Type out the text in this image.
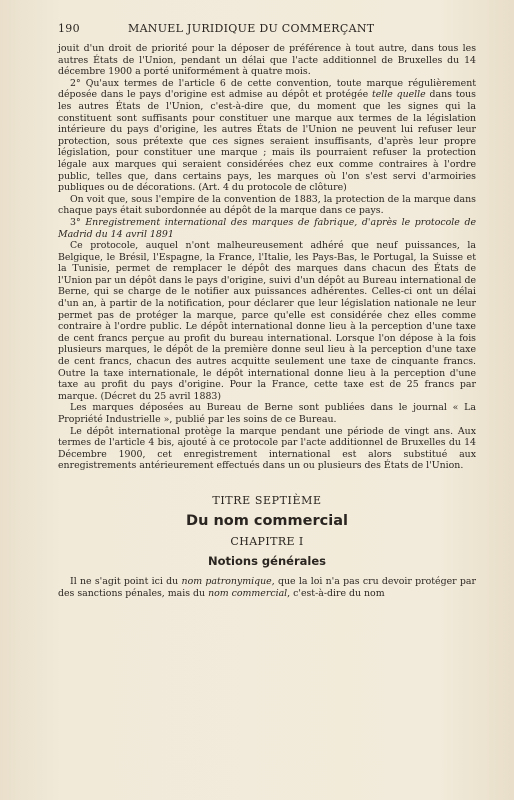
190	MANUEL JURIDIQUE DU COMMERÇANT

jouit d'un droit de priorité pour la déposer de préférence à tout autre, dans tous les autres États de l'Union, pendant un délai que l'acte additionnel de Bruxelles du 14 décembre 1900 a porté uniformément à quatre mois.

2° Qu'aux termes de l'article 6 de cette convention, toute marque régulièrement déposée dans le pays d'origine est admise au dépôt et protégée telle quelle dans tous les autres États de l'Union, c'est-à-dire que, du moment que les signes qui la constituent sont suffisants pour constituer une marque aux termes de la législation intérieure du pays d'origine, les autres États de l'Union ne peuvent lui refuser leur protection, sous prétexte que ces signes seraient insuffisants, d'après leur propre législation, pour constituer une marque ; mais ils pourraient refuser la protection légale aux marques qui seraient considérées chez eux comme contraires à l'ordre public, telles que, dans certains pays, les marques où l'on s'est servi d'armoiries publiques ou de décorations. (Art. 4 du protocole de clôture)

On voit que, sous l'empire de la convention de 1883, la protection de la marque dans chaque pays était subordonnée au dépôt de la marque dans ce pays.

3° Enregistrement international des marques de fabrique, d'après le protocole de Madrid du 14 avril 1891

Ce protocole, auquel n'ont malheureusement adhéré que neuf puissances, la Belgique, le Brésil, l'Espagne, la France, l'Italie, les Pays-Bas, le Portugal, la Suisse et la Tunisie, permet de remplacer le dépôt des marques dans chacun des États de l'Union par un dépôt dans le pays d'origine, suivi d'un dépôt au Bureau international de Berne, qui se charge de le notifier aux puissances adhérentes. Celles-ci ont un délai d'un an, à partir de la notification, pour déclarer que leur législation nationale ne leur permet pas de protéger la marque, parce qu'elle est considérée chez elles comme contraire à l'ordre public. Le dépôt international donne lieu à la perception d'une taxe de cent francs perçue au profit du bureau international. Lorsque l'on dépose à la fois plusieurs marques, le dépôt de la première donne seul lieu à la perception d'une taxe de cent francs, chacun des autres acquitte seulement une taxe de cinquante francs. Outre la taxe internationale, le dépôt international donne lieu à la perception d'une taxe au profit du pays d'origine. Pour la France, cette taxe est de 25 francs par marque. (Décret du 25 avril 1883)

Les marques déposées au Bureau de Berne sont publiées dans le journal « La Propriété Industrielle », publié par les soins de ce Bureau.

Le dépôt international protège la marque pendant une période de vingt ans. Aux termes de l'article 4 bis, ajouté à ce protocole par l'acte additionnel de Bruxelles du 14 Décembre 1900, cet enregistrement international est alors substitué aux enregistrements antérieurement effectués dans un ou plusieurs des États de l'Union.

TITRE SEPTIÈME
Du nom commercial
CHAPITRE I
Notions générales

Il ne s'agit point ici du nom patronymique, que la loi n'a pas cru devoir protéger par des sanctions pénales, mais du nom commercial, c'est-à-dire du nom
